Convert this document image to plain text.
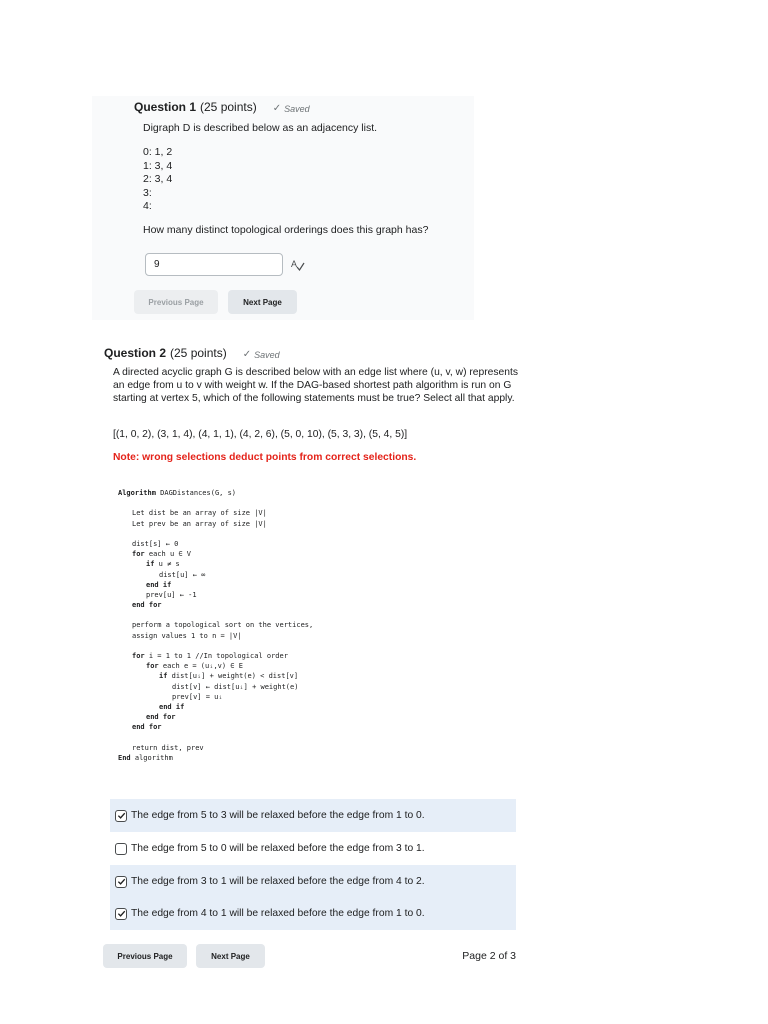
Question 1 (25 points) ✓ Saved
Digraph D is described below as an adjacency list.
0: 1, 2
1: 3, 4
2: 3, 4
3:
4:
How many distinct topological orderings does this graph has?
9
A
Previous Page	Next Page
Question 2 (25 points) ✓ Saved
A directed acyclic graph G is described below with an edge list where (u, v, w) represents an edge from u to v with weight w. If the DAG-based shortest path algorithm is run on G starting at vertex 5, which of the following statements must be true? Select all that apply.
[(1, 0, 2), (3, 1, 4), (4, 1, 1), (4, 2, 6), (5, 0, 10), (5, 3, 3), (5, 4, 5)]
Note: wrong selections deduct points from correct selections.
Algorithm DAGDistances(G, s)
Let dist be an array of size |V|
Let prev be an array of size |V|
dist[s] ← 0
for each u ∈ V
if u ≠ s
dist[u] ← ∞
end if
prev[u] ← -1
end for
perform a topological sort on the vertices,
assign values 1 to n = |V|
for i = 1 to 1 //In topological order
for each e = (uᵢ,v) ∈ E
if dist[uᵢ] + weight(e) < dist[v]
dist[v] ← dist[uᵢ] + weight(e)
prev[v] = uᵢ
end if
end for
end for
return dist, prev
End algorithm
The edge from 5 to 3 will be relaxed before the edge from 1 to 0.
The edge from 5 to 0 will be relaxed before the edge from 3 to 1.
The edge from 3 to 1 will be relaxed before the edge from 4 to 2.
The edge from 4 to 1 will be relaxed before the edge from 1 to 0.
Previous Page	Next Page	Page 2 of 3
